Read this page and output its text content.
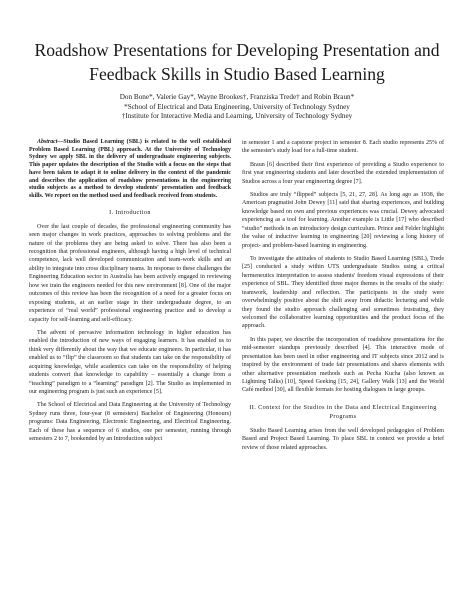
Roadshow Presentations for Developing Presentation and Feedback Skills in Studio Based Learning
Don Bone*, Valerie Gay*, Wayne Brookes†, Franziska Trede† and Robin Braun*
*School of Electrical and Data Engineering, University of Technology Sydney
†Institute for Interactive Media and Learning, University of Technology Sydney

Abstract—Studio Based Learning (SBL) is related to the well established Problem Based Learning (PBL) approach. At the University of Technology Sydney we apply SBL in the delivery of undergraduate engineering subjects. This paper updates the description of the Studio with a focus on the steps that have been taken to adapt it to online delivery in the context of the pandemic and describes the application of roadshow presentations in the engineering studio subjects as a method to develop students' presentation and feedback skills. We report on the method used and feedback received from students.

I. Introduction

Over the last couple of decades, the professional engineering community has seen major changes in work practices, approaches to solving problems and the nature of the problems they are being asked to solve. There has also been a recognition that professional engineers, although having a high level of technical competence, lack well developed communication and team-work skills and an ability to integrate into cross disciplinary teams. In response to these challenges the Engineering Education sector in Australia has been actively engaged in reviewing how we train the engineers needed for this new environment [8]. One of the major outcomes of this review has been the recognition of a need for a greater focus on exposing students, at an earlier stage in their undergraduate degree, to an experience of “real world” professional engineering practice and to develop a capacity for self-learning and self-efficacy.

The advent of pervasive information technology in higher education has enabled the introduction of new ways of engaging learners. It has enabled us to think very differently about the way that we educate engineers. In particular, it has enabled us to “flip” the classroom so that students can take on the responsibility of acquiring knowledge, while academics can take on the responsibility of helping students convert that knowledge to capability – essentially a change from a “teaching” paradigm to a “learning” paradigm [2]. The Studio as implemented in our engineering program is just such an experience [5].

The School of Electrical and Data Engineering at the University of Technology Sydney runs three, four-year (8 semesters) Bachelor of Engineering (Honours) programs: Data Engineering, Electronic Engineering, and Electrical Engineering. Each of these has a sequence of 6 studios, one per semester, running through semesters 2 to 7, bookended by an Introduction subject

in semester 1 and a capstone project in semester 8. Each studio represents 25% of the semester's study load for a full-time student.

Braun [6] described their first experience of providing a Studio experience to first year engineering students and later described the extended implementation of Studios across a four year engineering degree [7].

Studios are truly “flipped” subjects [5, 21, 27, 28]. As long ago as 1938, the American pragmatist John Dewey [11] said that sharing experiences, and building knowledge based on own and previous experiences was crucial. Dewey advocated experiencing as a tool for learning. Another example is Little [17] who described “studio” methods in an introductory design curriculum. Prince and Felder highlight the value of inductive learning in engineering [20] reviewing a long history of project- and problem-based learning in engineering.

To investigate the attitudes of students to Studio Based Learning (SBL), Trede [25] conducted a study within UTS undergraduate Studios using a critical hermeneutics interpretation to assess students' freedom visual expressions of their experience of SBL. They identified three major themes in the results of the study: teamwork, leadership and reflection. The participants in the study were overwhelmingly positive about the shift away from didactic lecturing and while they found the studio approach challenging and sometimes frustrating, they welcomed the collaborative learning opportunities and the product focus of the approach.

In this paper, we describe the incorporation of roadshow presentations for the mid-semester standups previously described [4]. This interactive mode of presentation has been used in other engineering and IT subjects since 2012 and is inspired by the environment of trade fair presentations and shares elements with other alternative presentation methods such as Pecha Kucha (also known as Lightning Talks) [10], Speed Geeking [15, 24], Gallery Walk [13] and the World Café method [30], all flexible formats for hosting dialogues in large groups.

II. Context for the Studios in the Data and Electrical Engineering Programs

Studio Based Learning arises from the well developed pedagogies of Problem Based and Project Based Learning. To place SBL in context we provide a brief review of those related approaches.
